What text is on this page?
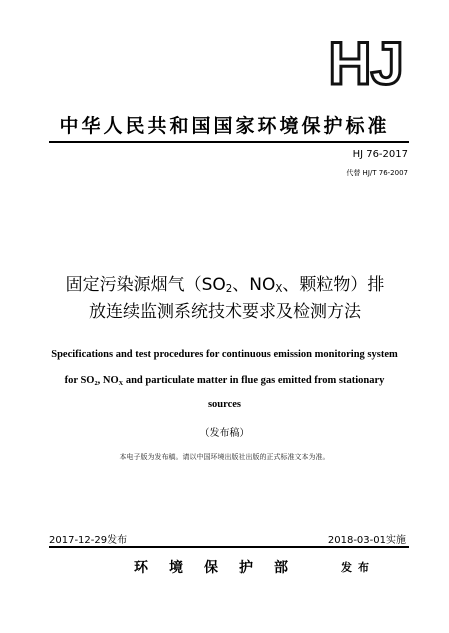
HJ
中华人民共和国国家环境保护标准
HJ 76-2017
代替 HJ/T 76-2007
固定污染源烟气（$SO_2$、$NO_X$、颗粒物）排
放连续监测系统技术要求及检测方法
Specifications and test procedures for continuous emission monitoring system
for $SO_2$, $NO_X$ and particulate matter in flue gas emitted from stationary
sources
（发布稿）
本电子版为发布稿。请以中国环境出版社出版的正式标准文本为准。
2017-12-29发布	2018-03-01实施
环境保护部	发布
